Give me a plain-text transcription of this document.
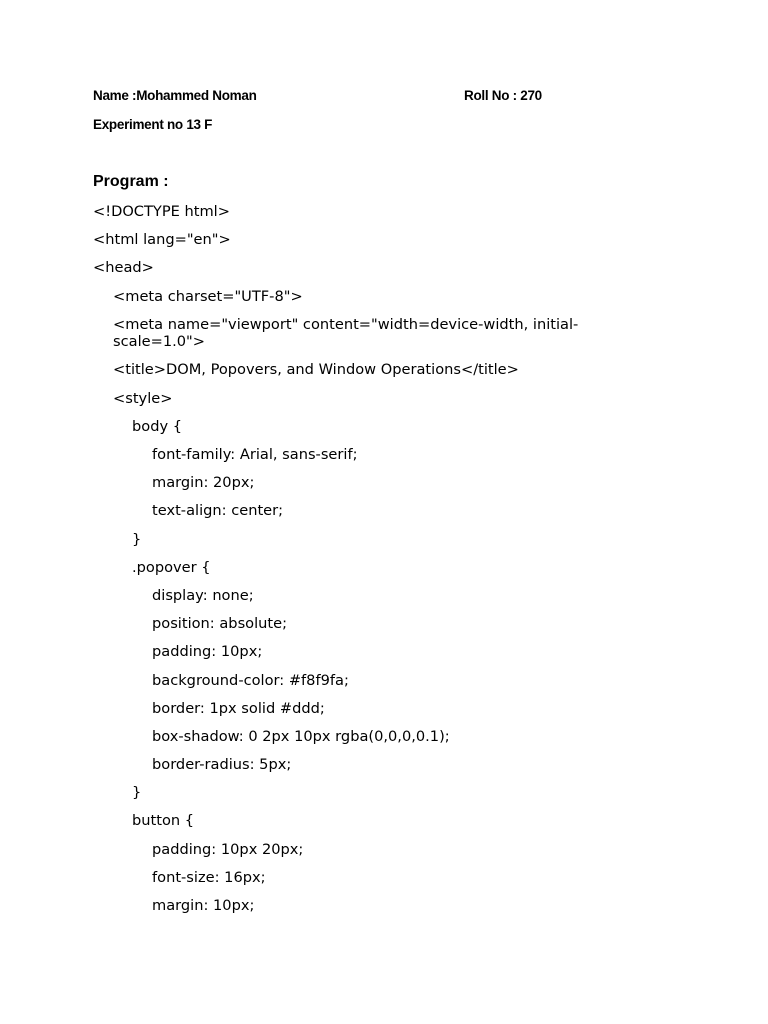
Name :Mohammed Noman	Roll No : 270
Experiment no 13 F
Program :
<!DOCTYPE html>
<html lang="en">
<head>
<meta charset="UTF-8">
<meta name="viewport" content="width=device-width, initial-scale=1.0">
<title>DOM, Popovers, and Window Operations</title>
<style>
body {
font-family: Arial, sans-serif;
margin: 20px;
text-align: center;
}
.popover {
display: none;
position: absolute;
padding: 10px;
background-color: #f8f9fa;
border: 1px solid #ddd;
box-shadow: 0 2px 10px rgba(0,0,0,0.1);
border-radius: 5px;
}
button {
padding: 10px 20px;
font-size: 16px;
margin: 10px;
